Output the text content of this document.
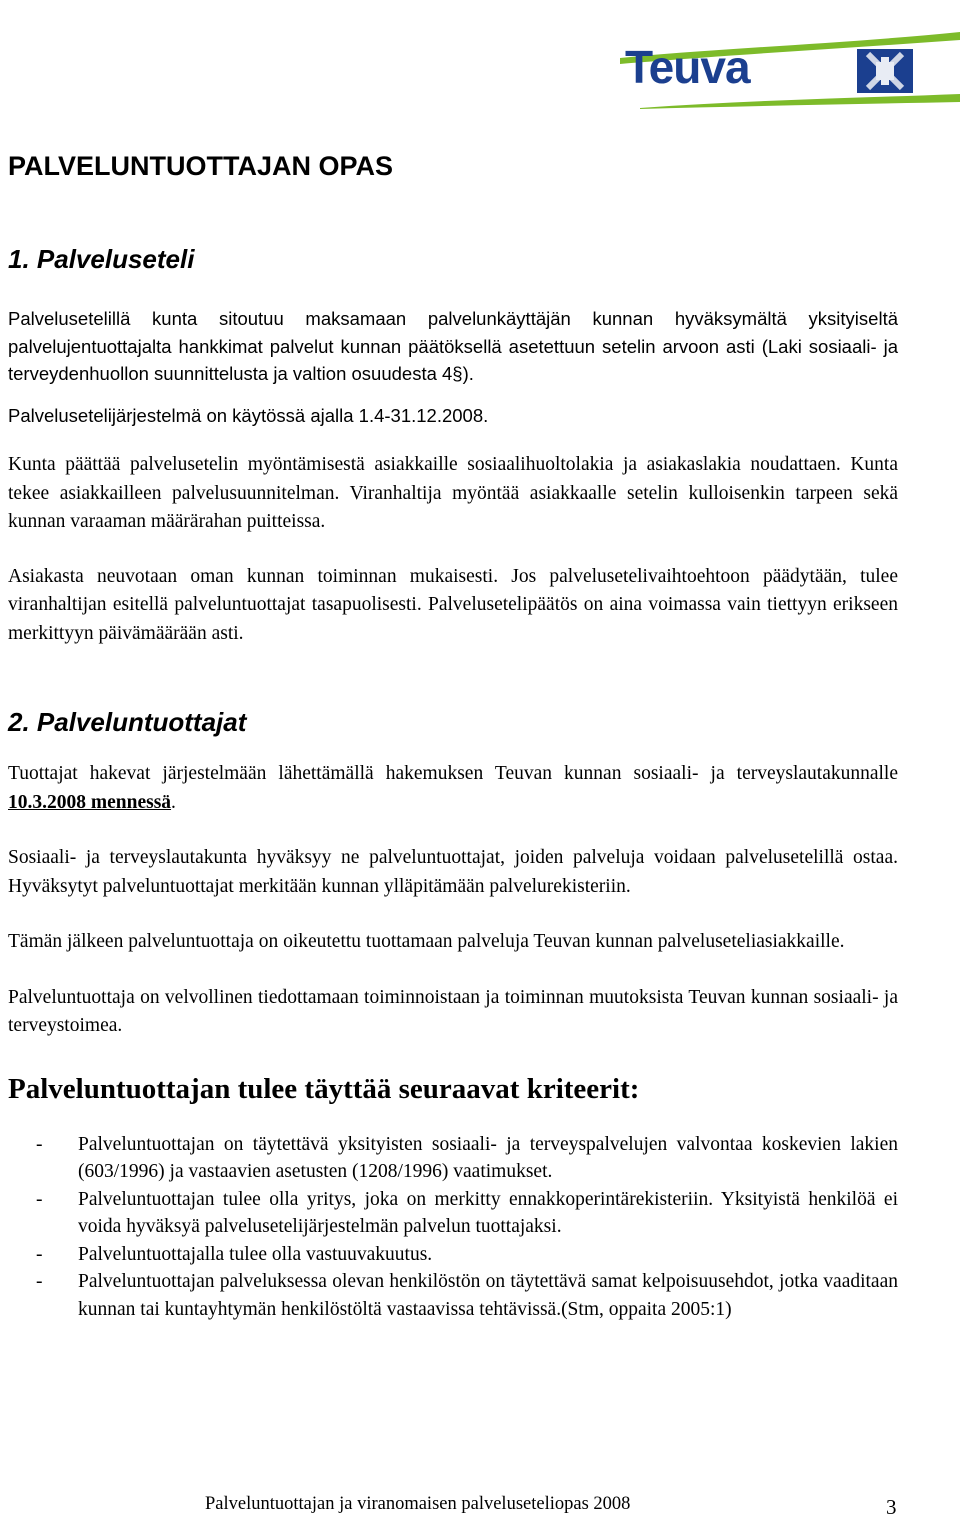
Teuva
PALVELUNTUOTTAJAN OPAS
1. Palveluseteli

Palvelusetelillä kunta sitoutuu maksamaan palvelunkäyttäjän kunnan hyväksymältä yksityiseltä palvelujentuottajalta hankkimat palvelut kunnan päätöksellä asetettuun setelin arvoon asti (Laki sosiaali- ja terveydenhuollon suunnittelusta ja valtion osuudesta 4§).

Palvelusetelijärjestelmä on käytössä ajalla 1.4-31.12.2008.

Kunta päättää palvelusetelin myöntämisestä asiakkaille sosiaalihuoltolakia ja asiakaslakia noudattaen. Kunta tekee asiakkailleen palvelusuunnitelman. Viranhaltija myöntää asiakkaalle setelin kulloisenkin tarpeen sekä kunnan varaaman määrärahan puitteissa.

Asiakasta neuvotaan oman kunnan toiminnan mukaisesti. Jos palvelusetelivaihtoehtoon päädytään, tulee viranhaltijan esitellä palveluntuottajat tasapuolisesti. Palvelusetelipäätös on aina voimassa vain tiettyyn erikseen merkittyyn päivämäärään asti.

2. Palveluntuottajat

Tuottajat hakevat järjestelmään lähettämällä hakemuksen Teuvan kunnan sosiaali- ja terveyslautakunnalle 10.3.2008 mennessä.

Sosiaali- ja terveyslautakunta hyväksyy ne palveluntuottajat, joiden palveluja voidaan palvelusetelillä ostaa. Hyväksytyt palveluntuottajat merkitään kunnan ylläpitämään palvelurekisteriin.

Tämän jälkeen palveluntuottaja on oikeutettu tuottamaan palveluja Teuvan kunnan palveluseteliasiakkaille.

Palveluntuottaja on velvollinen tiedottamaan toiminnoistaan ja toiminnan muutoksista Teuvan kunnan sosiaali- ja terveystoimea.

Palveluntuottajan tulee täyttää seuraavat kriteerit:
- Palveluntuottajan on täytettävä yksityisten sosiaali- ja terveyspalvelujen valvontaa koskevien lakien (603/1996) ja vastaavien asetusten (1208/1996) vaatimukset.
- Palveluntuottajan tulee olla yritys, joka on merkitty ennakkoperintärekisteriin. Yksityistä henkilöä ei voida hyväksyä palvelusetelijärjestelmän palvelun tuottajaksi.
- Palveluntuottajalla tulee olla vastuuvakuutus.
- Palveluntuottajan palveluksessa olevan henkilöstön on täytettävä samat kelpoisuusehdot, jotka vaaditaan kunnan tai kuntayhtymän henkilöstöltä vastaavissa tehtävissä.(Stm, oppaita 2005:1)
Palveluntuottajan ja viranomaisen palveluseteliopas 2008	3
